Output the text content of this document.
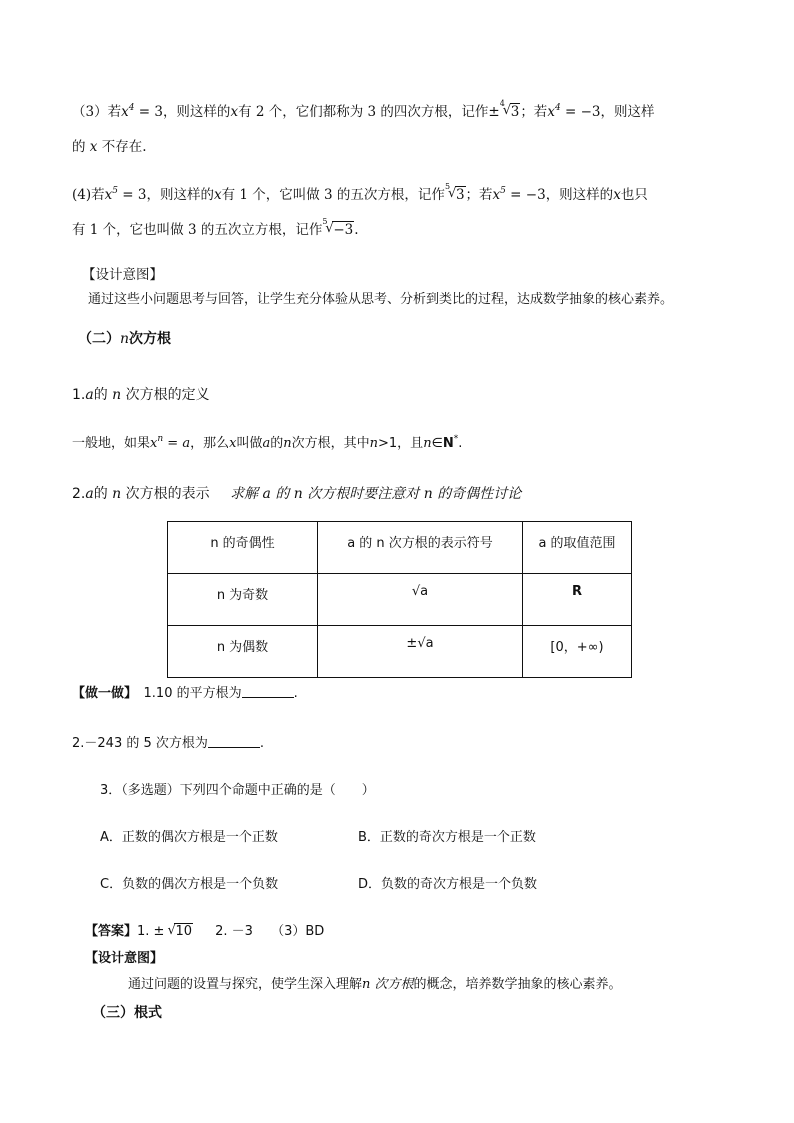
（3）若$x^4 = 3$，则这样的x有 2 个，它们都称为 3 的四次方根，记作±
4
√ 3；若$x^4 = -3$，则这样
的 x 不存在.
(4)若$x^5 = 3$，则这样的x有 1 个，它叫做 3 的五次方根，记作
5
√ 3；若$x^5 = -3$，则这样的x也只
有 1 个，它也叫做 3 的五次立方根，记作
5
√ −3.
【设计意图】
通过这些小问题思考与回答，让学生充分体验从思考、分析到类比的过程，达成数学抽象的核心素养。
（二）n次方根
1.a的 n 次方根的定义
一般地，如果$x^n = a$，那么x叫做a的n次方根，其中n>1，且n∈N*.
2.a的 n 次方根的表示 求解 a 的 n 次方根时要注意对 n 的奇偶性讨论
n 的奇偶性	a 的 n 次方根的表示符号	a 的取值范围
n 为奇数	√a	R
n 为偶数	±√a	[0，+∞)
【做一做】　 1.10 的平方根为	.
2.－243 的 5 次方根为	.
3．（多选题）下列四个命题中正确的是（　　）
A．正数的偶次方根是一个正数	B．正数的奇次方根是一个正数
C．负数的偶次方根是一个负数	D．负数的奇次方根是一个负数
【答案】1. ± √ 10 2. －3 （3）BD
【设计意图】
通过问题的设置与探究，使学生深入理解n 次方根的概念，培养数学抽象的核心素养。
（三）根式
